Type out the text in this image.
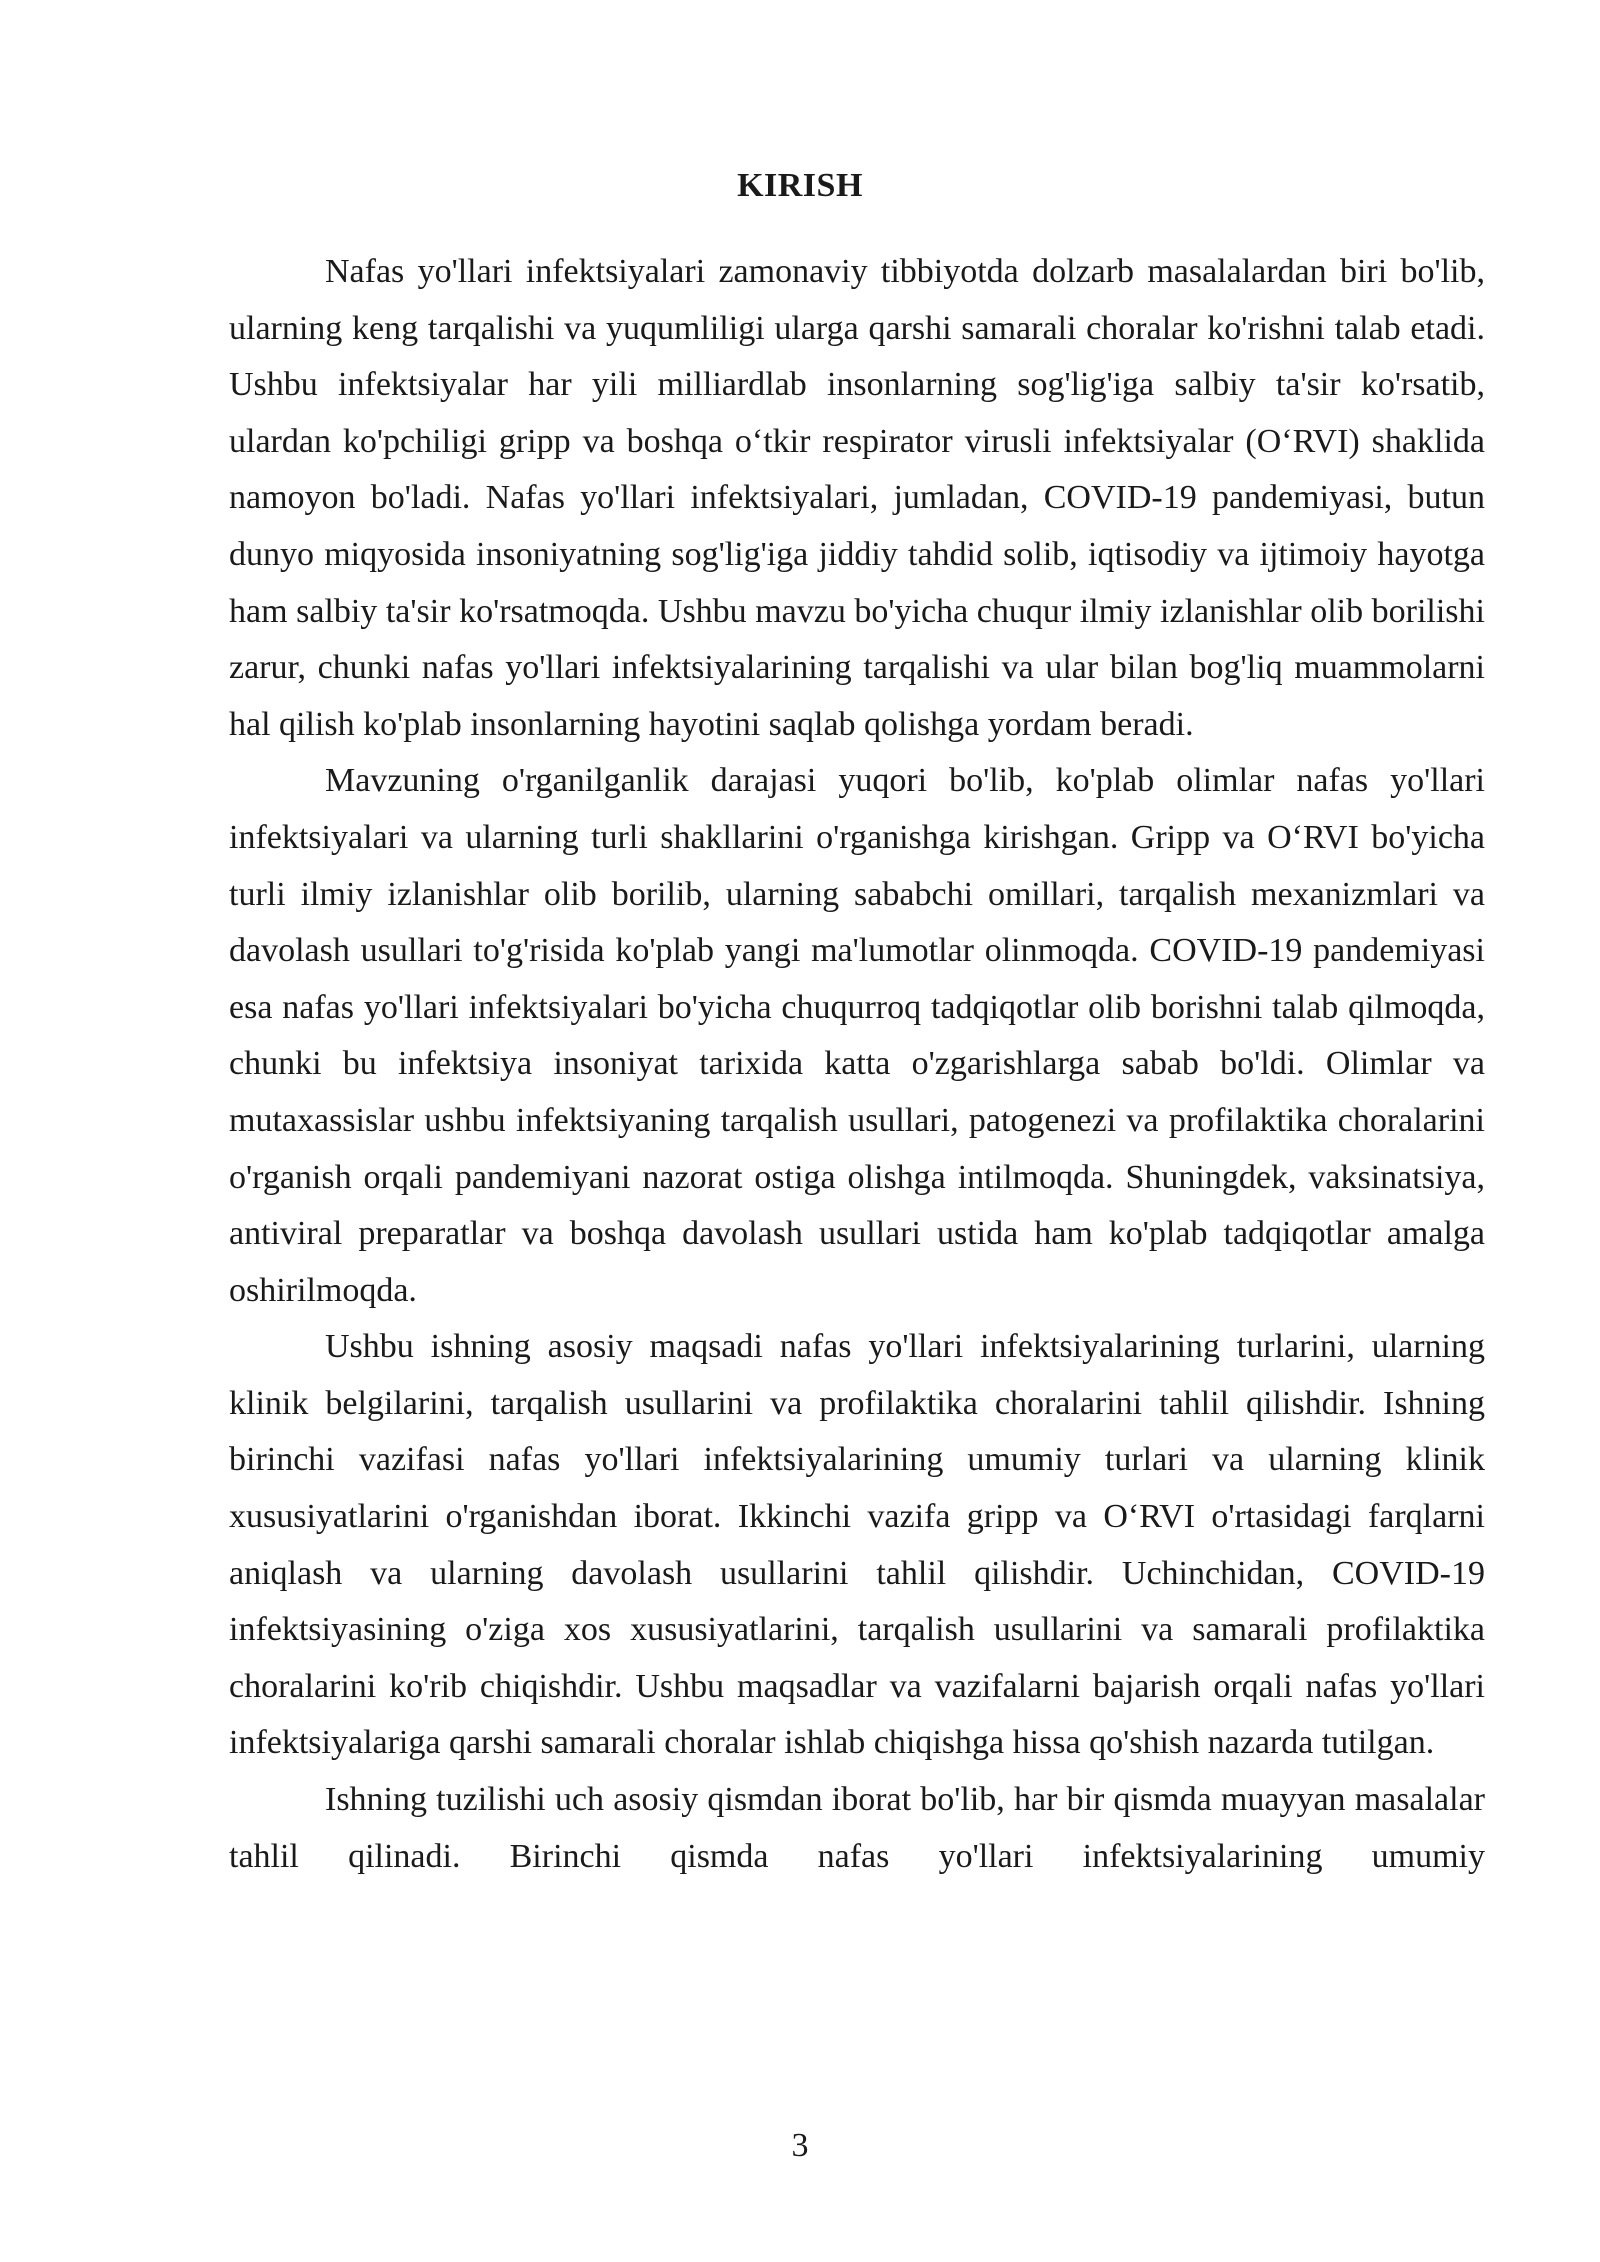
KIRISH

Nafas yo'llari infektsiyalari zamonaviy tibbiyotda dolzarb masalalardan biri bo'lib, ularning keng tarqalishi va yuqumliligi ularga qarshi samarali choralar ko'rishni talab etadi. Ushbu infektsiyalar har yili milliardlab insonlarning sog'lig'iga salbiy ta'sir ko'rsatib, ulardan ko'pchiligi gripp va boshqa o‘tkir respirator virusli infektsiyalar (O‘RVI) shaklida namoyon bo'ladi. Nafas yo'llari infektsiyalari, jumladan, COVID-19 pandemiyasi, butun dunyo miqyosida insoniyatning sog'lig'iga jiddiy tahdid solib, iqtisodiy va ijtimoiy hayotga ham salbiy ta'sir ko'rsatmoqda. Ushbu mavzu bo'yicha chuqur ilmiy izlanishlar olib borilishi zarur, chunki nafas yo'llari infektsiyalarining tarqalishi va ular bilan bog'liq muammolarni hal qilish ko'plab insonlarning hayotini saqlab qolishga yordam beradi.

Mavzuning o'rganilganlik darajasi yuqori bo'lib, ko'plab olimlar nafas yo'llari infektsiyalari va ularning turli shakllarini o'rganishga kirishgan. Gripp va O‘RVI bo'yicha turli ilmiy izlanishlar olib borilib, ularning sababchi omillari, tarqalish mexanizmlari va davolash usullari to'g'risida ko'plab yangi ma'lumotlar olinmoqda. COVID-19 pandemiyasi esa nafas yo'llari infektsiyalari bo'yicha chuqurroq tadqiqotlar olib borishni talab qilmoqda, chunki bu infektsiya insoniyat tarixida katta o'zgarishlarga sabab bo'ldi. Olimlar va mutaxassislar ushbu infektsiyaning tarqalish usullari, patogenezi va profilaktika choralarini o'rganish orqali pandemiyani nazorat ostiga olishga intilmoqda. Shuningdek, vaksinatsiya, antiviral preparatlar va boshqa davolash usullari ustida ham ko'plab tadqiqotlar amalga oshirilmoqda.

Ushbu ishning asosiy maqsadi nafas yo'llari infektsiyalarining turlarini, ularning klinik belgilarini, tarqalish usullarini va profilaktika choralarini tahlil qilishdir. Ishning birinchi vazifasi nafas yo'llari infektsiyalarining umumiy turlari va ularning klinik xususiyatlarini o'rganishdan iborat. Ikkinchi vazifa gripp va O‘RVI o'rtasidagi farqlarni aniqlash va ularning davolash usullarini tahlil qilishdir. Uchinchidan, COVID-19 infektsiyasining o'ziga xos xususiyatlarini, tarqalish usullarini va samarali profilaktika choralarini ko'rib chiqishdir. Ushbu maqsadlar va vazifalarni bajarish orqali nafas yo'llari infektsiyalariga qarshi samarali choralar ishlab chiqishga hissa qo'shish nazarda tutilgan.

Ishning tuzilishi uch asosiy qismdan iborat bo'lib, har bir qismda muayyan masalalar tahlil qilinadi. Birinchi qismda nafas yo'llari infektsiyalarining umumiy

3
